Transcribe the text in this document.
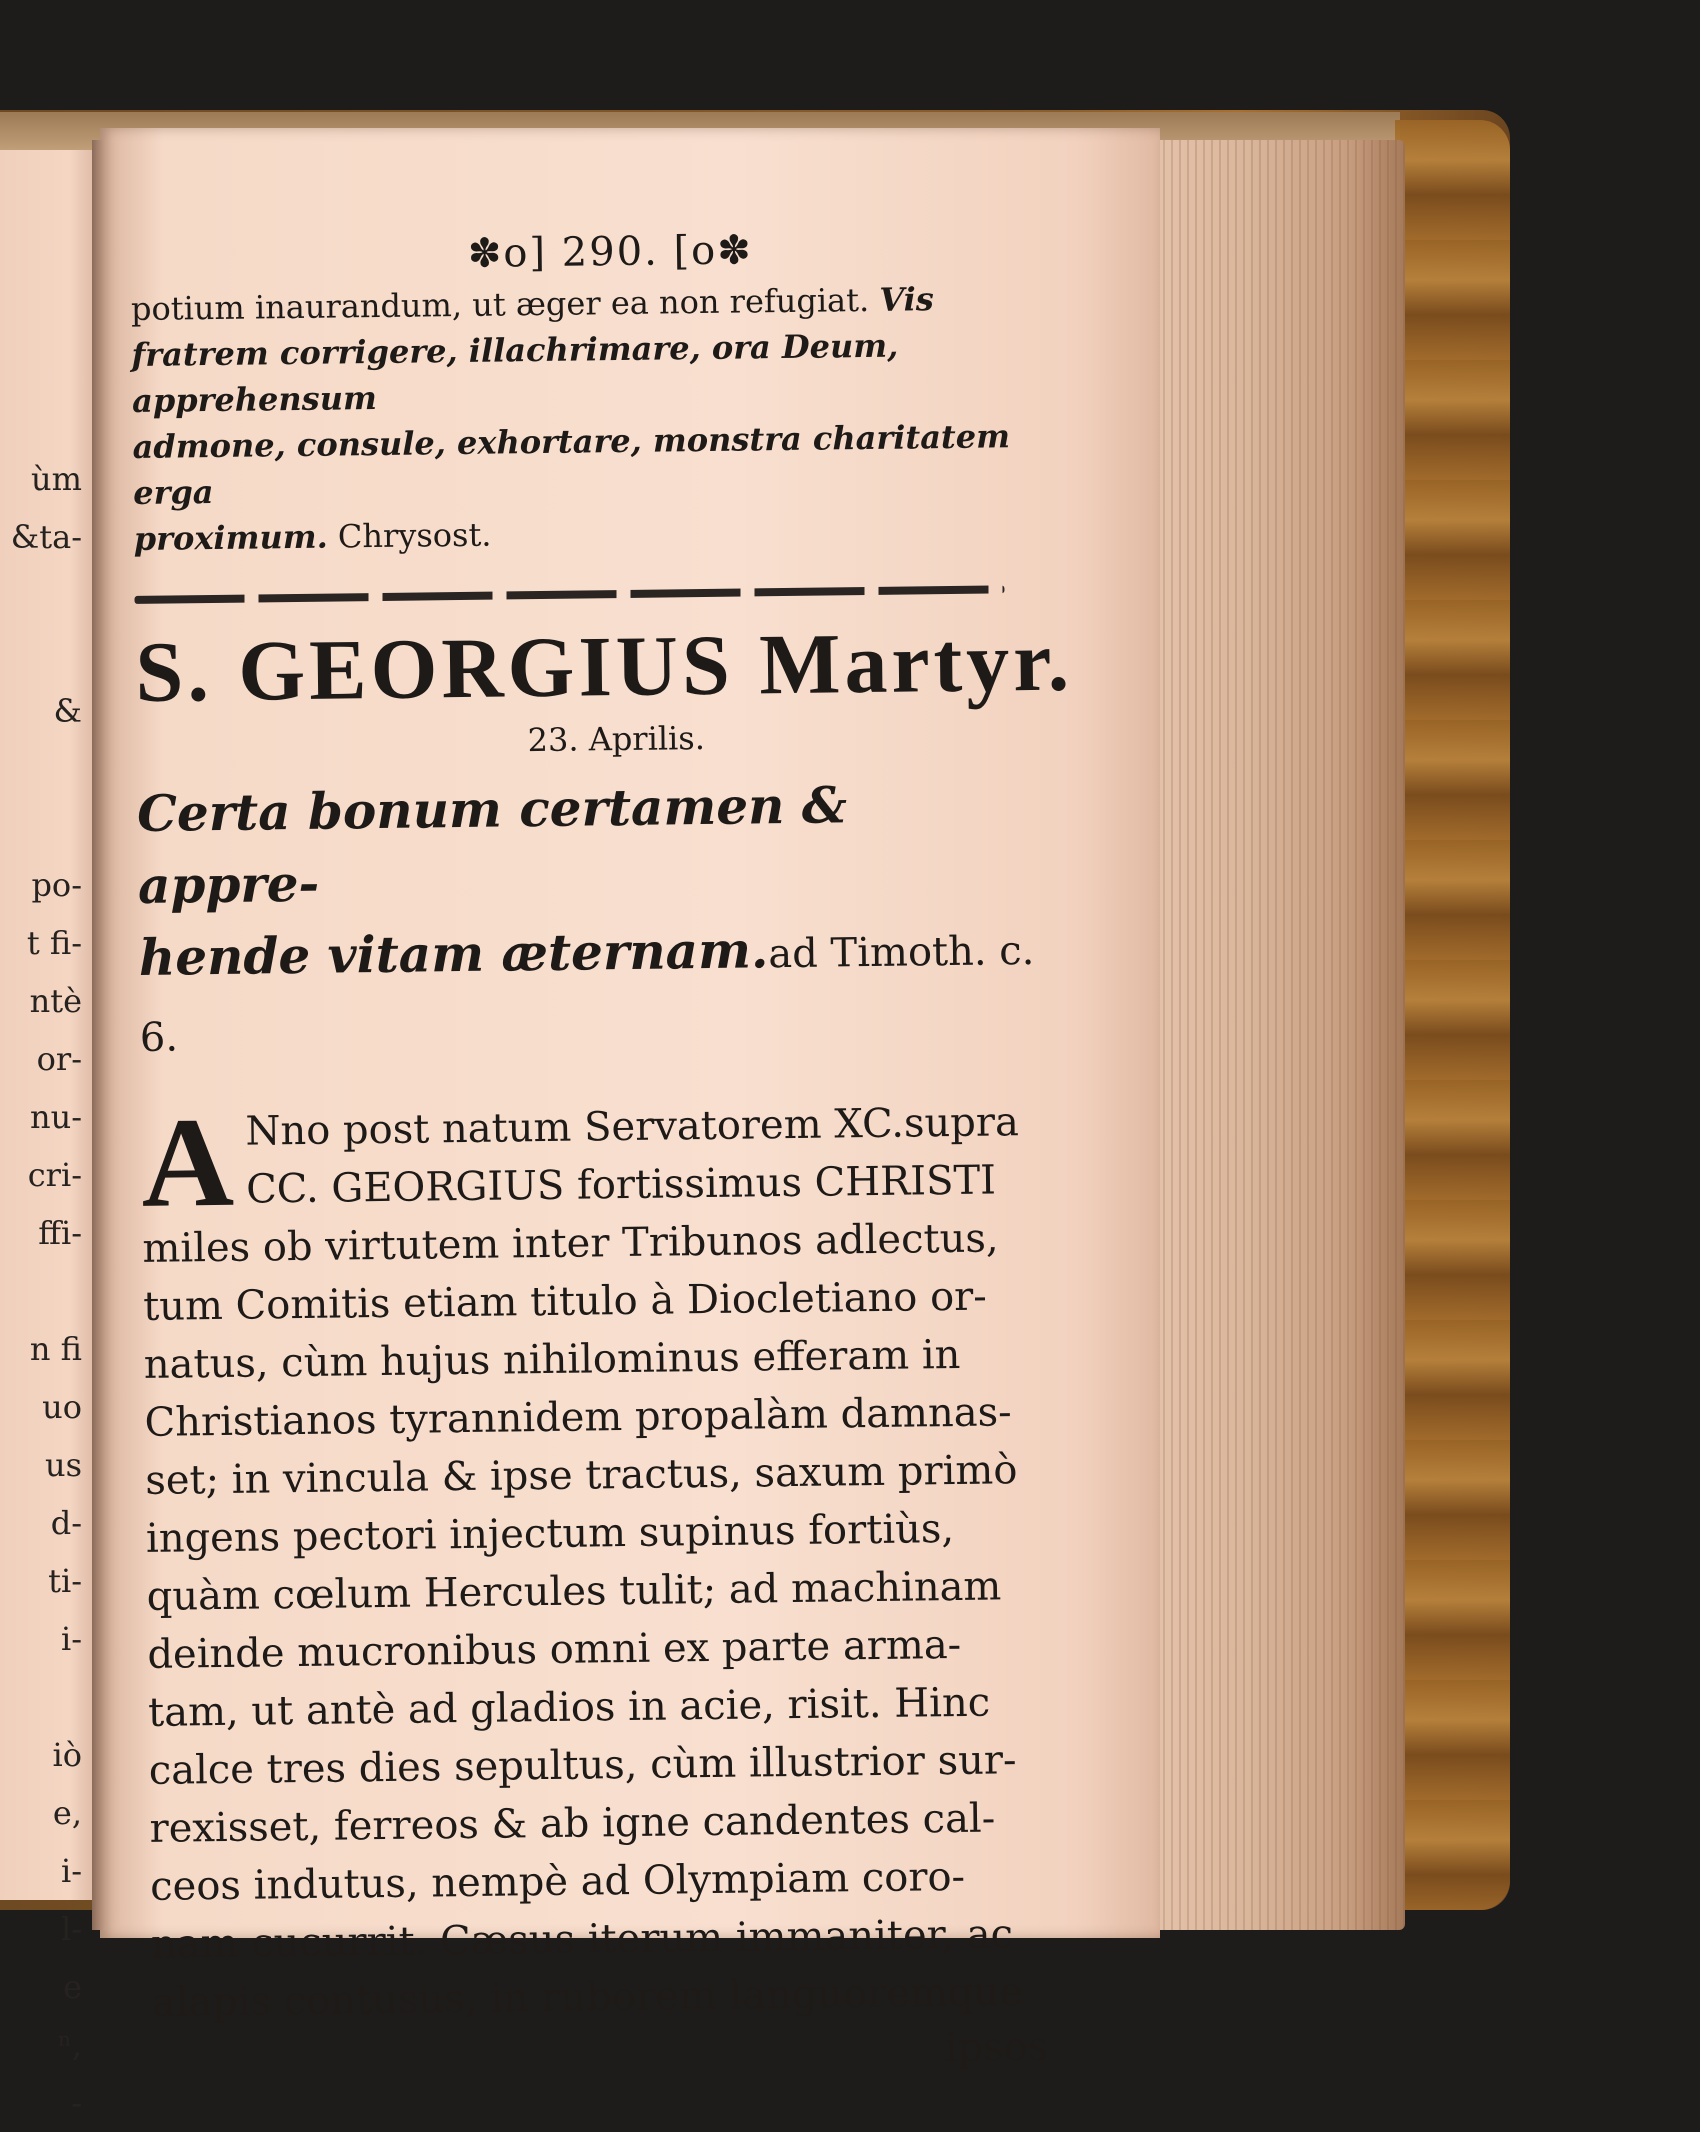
ùm
&ta-
&
po-
t fi-
ntè
or-
nu-
cri-
ffi-
n fi
uo
us
d-
ti-
i-
iò
e,
i-
l-
e
ⁿ,
-
✽o] 290. [o✽
potium inaurandum, ut æger ea non refugiat. Vis
fratrem corrigere, illachrimare, ora Deum, apprehensum
admone, consule, exhortare, monstra charitatem erga
proximum. Chrysost.
S. GEORGIUS Martyr.
23. Aprilis.
Certa bonum certamen & appre-
hende vitam æternam.ad Timoth. c. 6.
A Nno post natum Servatorem XC.supra
CC. GEORGIUS fortissimus CHRISTI
miles ob virtutem inter Tribunos adlectus,
tum Comitis etiam titulo à Diocletiano or-
natus, cùm hujus nihilominus efferam in
Christianos tyrannidem propalàm damnas-
set; in vincula & ipse tractus, saxum primò
ingens pectori injectum supinus fortiùs,
quàm cœlum Hercules tulit; ad machinam
deinde mucronibus omni ex parte arma-
tam, ut antè ad gladios in acie, risit. Hinc
calce tres dies sepultus, cùm illustrior sur-
rexisset, ferreos & ab igne candentes cal-
ceos indutus, nempè ad Olympiam coro-
nam cucurrit. Cæsus iterum immaniter, ac
alapis contusus, in ruborem languoremque
ipsos
